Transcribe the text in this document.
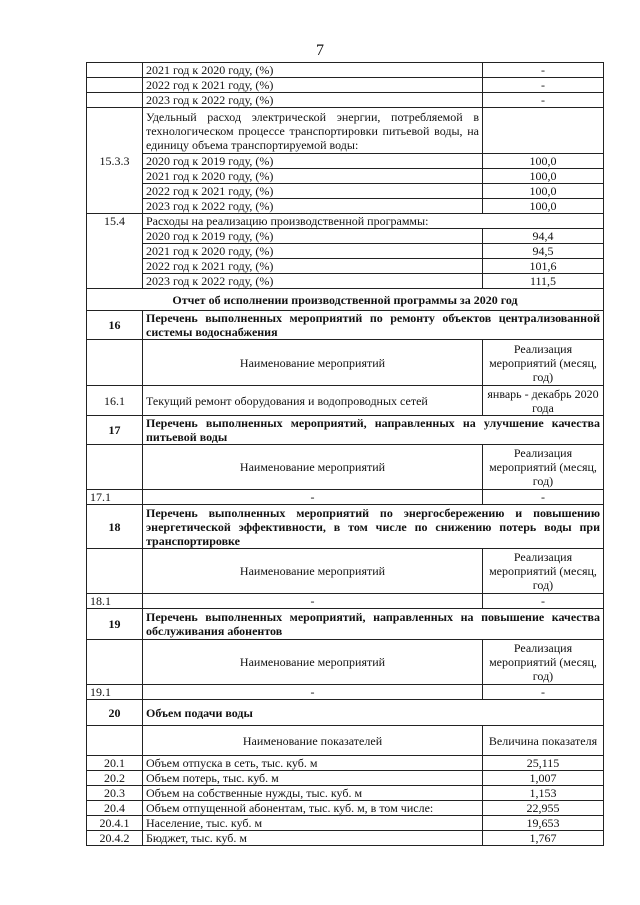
7
	2021 год к 2020 году, (%)	-
	2022 год к 2021 году, (%)	-
	2023 год к 2022 году, (%)	-
15.3.3	Удельный расход электрической энергии, потребляемой в технологическом процессе транспортировки питьевой воды, на единицу объема транспортируемой воды:	
	2020 год к 2019 году, (%)	100,0
	2021 год к 2020 году, (%)	100,0
	2022 год к 2021 году, (%)	100,0
	2023 год к 2022 году, (%)	100,0
15.4	Расходы на реализацию производственной программы:	
	2020 год к 2019 году, (%)	94,4
	2021 год к 2020 году, (%)	94,5
	2022 год к 2021 году, (%)	101,6
	2023 год к 2022 году, (%)	111,5
Отчет об исполнении производственной программы за 2020 год		
16	Перечень выполненных мероприятий по ремонту объектов централизованной системы водоснабжения	
	Наименование мероприятий	Реализация мероприятий (месяц, год)
16.1	Текущий ремонт оборудования и водопроводных сетей	январь - декабрь 2020 года
17	Перечень выполненных мероприятий, направленных на улучшение качества питьевой воды	
	Наименование мероприятий	Реализация мероприятий (месяц, год)
17.1	-	-
18	Перечень выполненных мероприятий по энергосбережению и повышению энергетической эффективности, в том числе по снижению потерь воды при транспортировке	
	Наименование мероприятий	Реализация мероприятий (месяц, год)
18.1	-	-
19	Перечень выполненных мероприятий, направленных на повышение качества обслуживания абонентов	
	Наименование мероприятий	Реализация мероприятий (месяц, год)
19.1	-	-
20	Объем подачи воды	
	Наименование показателей	Величина показателя
20.1	Объем отпуска в сеть, тыс. куб. м	25,115
20.2	Объем потерь, тыс. куб. м	1,007
20.3	Объем на собственные нужды, тыс. куб. м	1,153
20.4	Объем отпущенной абонентам, тыс. куб. м, в том числе:	22,955
20.4.1	Население, тыс. куб. м	19,653
20.4.2	Бюджет, тыс. куб. м	1,767
